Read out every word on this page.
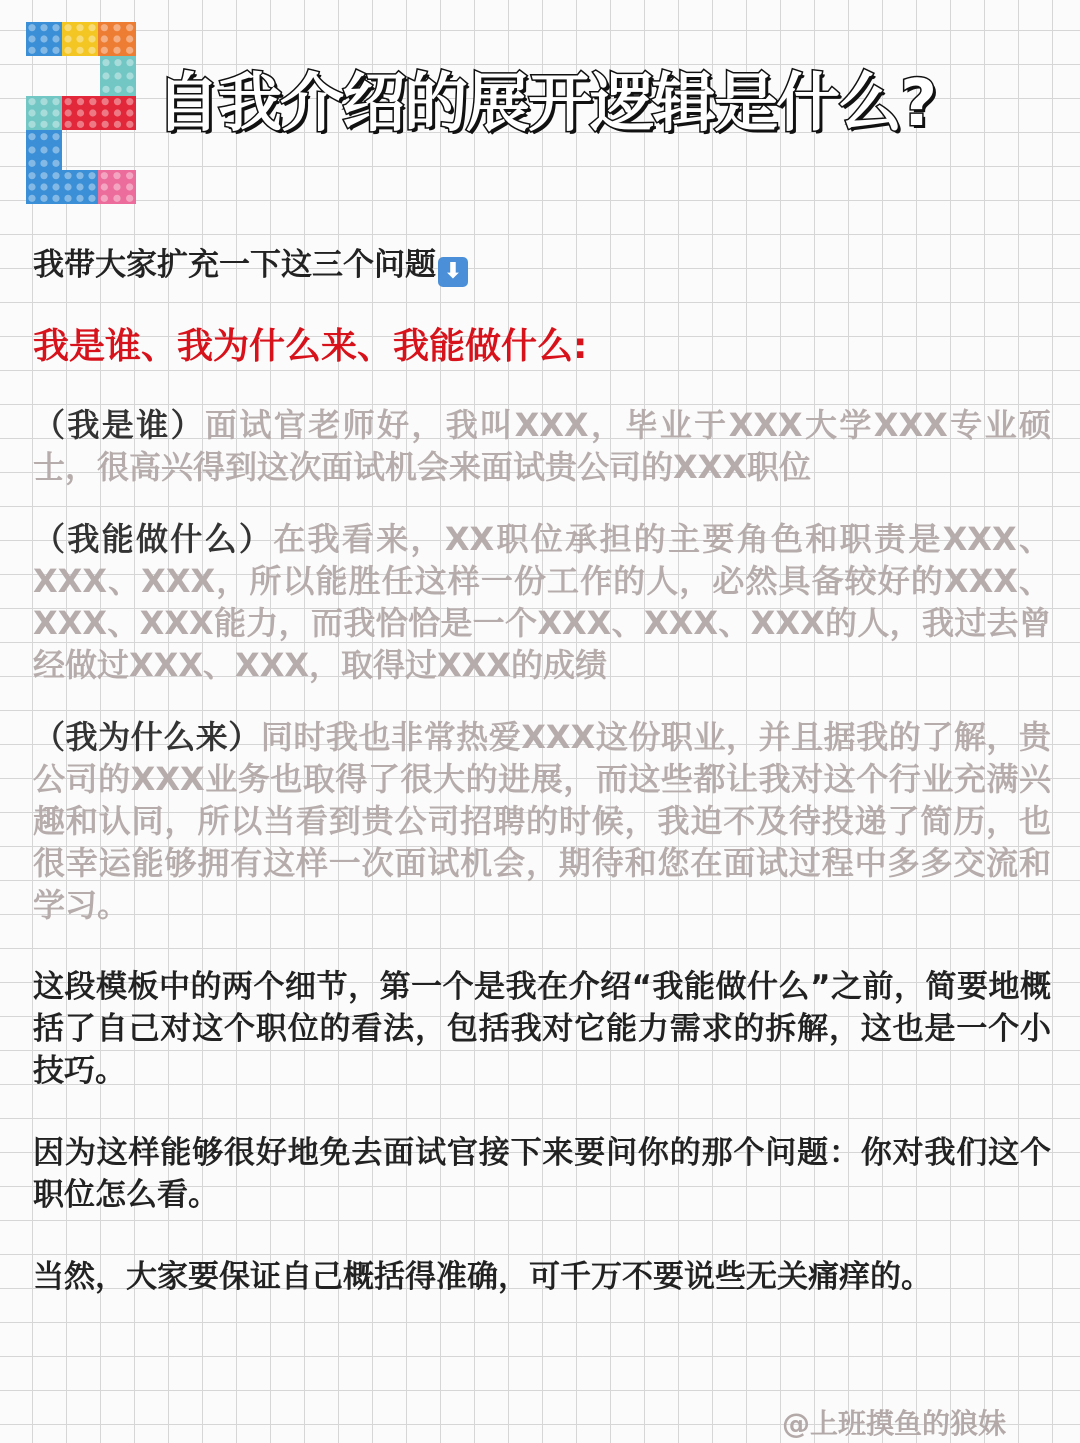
自我介绍的展开逻辑是什么?

我带大家扩充一下这三个问题 ⬇

我是谁、我为什么来、我能做什么:

（我是谁）面试官老师好，我叫XXX，毕业于XXX大学XXX专业硕士，很高兴得到这次面试机会来面试贵公司的XXX职位

（我能做什么）在我看来，XX职位承担的主要角色和职责是XXX、XXX、XXX，所以能胜任这样一份工作的人，必然具备较好的XXX、XXX、XXX能力，而我恰恰是一个XXX、XXX、XXX的人，我过去曾经做过XXX、XXX，取得过XXX的成绩

（我为什么来）同时我也非常热爱XXX这份职业，并且据我的了解，贵公司的XXX业务也取得了很大的进展，而这些都让我对这个行业充满兴趣和认同，所以当看到贵公司招聘的时候，我迫不及待投递了简历，也很幸运能够拥有这样一次面试机会，期待和您在面试过程中多多交流和学习。

这段模板中的两个细节，第一个是我在介绍“我能做什么”之前，简要地概括了自己对这个职位的看法，包括我对它能力需求的拆解，这也是一个小技巧。

因为这样能够很好地免去面试官接下来要问你的那个问题：你对我们这个职位怎么看。

当然，大家要保证自己概括得准确，可千万不要说些无关痛痒的。

@上班摸鱼的狼妹
